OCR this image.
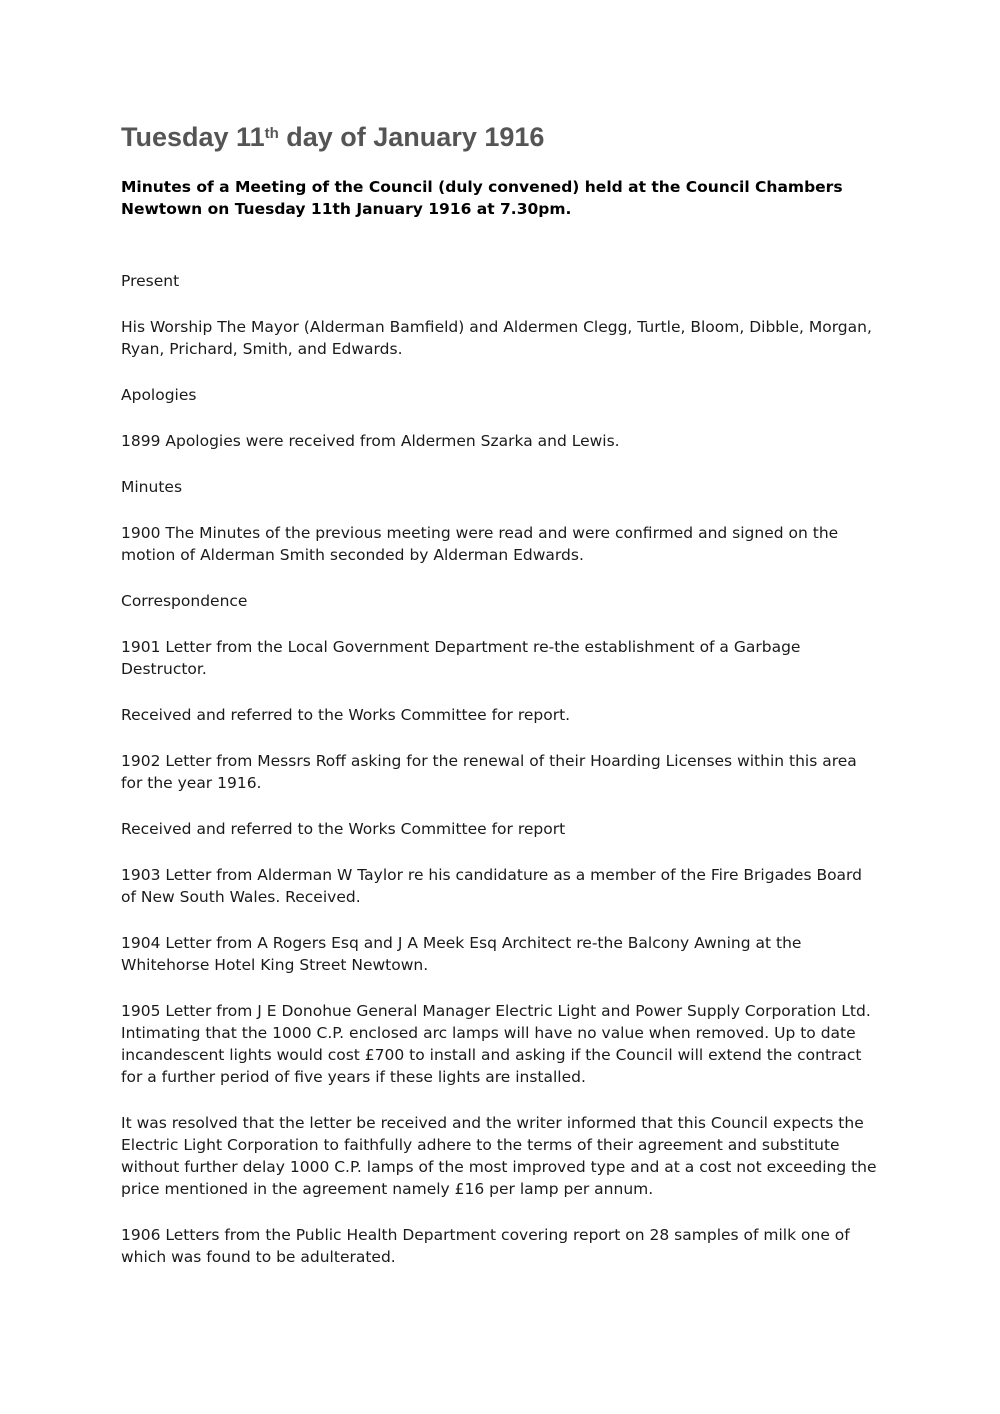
Tuesday 11th day of January 1916

Minutes of a Meeting of the Council (duly convened) held at the Council Chambers Newtown on Tuesday 11th January 1916 at 7.30pm.

Present

His Worship The Mayor (Alderman Bamfield) and Aldermen Clegg, Turtle, Bloom, Dibble, Morgan, Ryan, Prichard, Smith, and Edwards.

Apologies

1899 Apologies were received from Aldermen Szarka and Lewis.

Minutes

1900 The Minutes of the previous meeting were read and were confirmed and signed on the motion of Alderman Smith seconded by Alderman Edwards.

Correspondence

1901 Letter from the Local Government Department re-the establishment of a Garbage Destructor.

Received and referred to the Works Committee for report.

1902 Letter from Messrs Roff asking for the renewal of their Hoarding Licenses within this area for the year 1916.

Received and referred to the Works Committee for report

1903 Letter from Alderman W Taylor re his candidature as a member of the Fire Brigades Board of New South Wales. Received.

1904 Letter from A Rogers Esq and J A Meek Esq Architect re-the Balcony Awning at the Whitehorse Hotel King Street Newtown.

1905 Letter from J E Donohue General Manager Electric Light and Power Supply Corporation Ltd. Intimating that the 1000 C.P. enclosed arc lamps will have no value when removed. Up to date incandescent lights would cost £700 to install and asking if the Council will extend the contract for a further period of five years if these lights are installed.

It was resolved that the letter be received and the writer informed that this Council expects the Electric Light Corporation to faithfully adhere to the terms of their agreement and substitute without further delay 1000 C.P. lamps of the most improved type and at a cost not exceeding the price mentioned in the agreement namely £16 per lamp per annum.

1906 Letters from the Public Health Department covering report on 28 samples of milk one of which was found to be adulterated.
